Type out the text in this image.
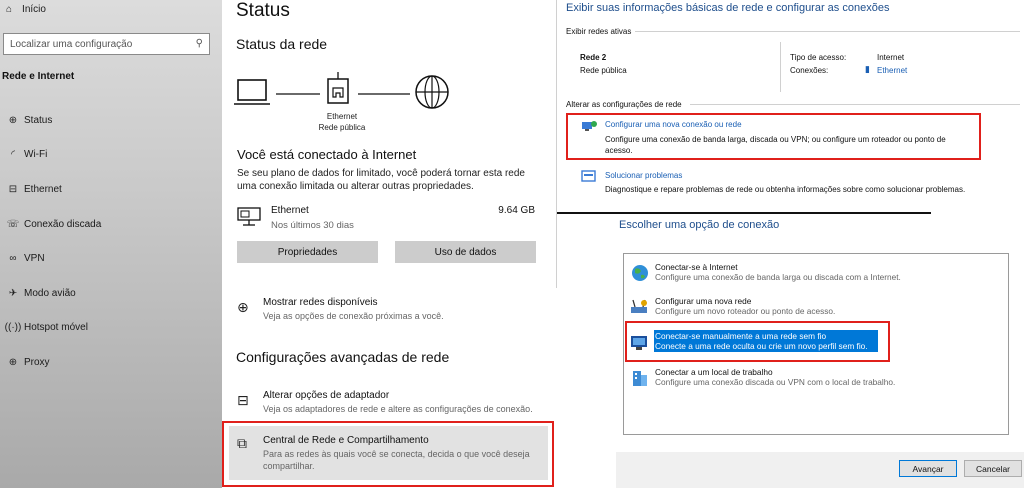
⌂ Início
Localizar uma configuração	⚲
Rede e Internet
⊕ Status
◜ Wi-Fi
⊟ Ethernet
☏ Conexão discada
∞ VPN
✈ Modo avião
((·)) Hotspot móvel
⊕ Proxy
Status
Status da rede
Ethernet
Rede pública
Você está conectado à Internet
Se seu plano de dados for limitado, você poderá tornar esta rede uma conexão limitada ou alterar outras propriedades.
Ethernet
Nos últimos 30 dias
9.64 GB
Propriedades	Uso de dados
⊕ Mostrar redes disponíveis
Veja as opções de conexão próximas a você.
Configurações avançadas de rede
⊟ Alterar opções de adaptador
Veja os adaptadores de rede e altere as configurações de conexão.
⧉ Central de Rede e Compartilhamento
Para as redes às quais você se conecta, decida o que você deseja compartilhar.
Exibir suas informações básicas de rede e configurar as conexões
Exibir redes ativas
Rede 2
Rede pública
Tipo de acesso:	Internet
Conexões:	▮ Ethernet
Alterar as configurações de rede
Configurar uma nova conexão ou rede
Configure uma conexão de banda larga, discada ou VPN; ou configure um roteador ou ponto de acesso.
Solucionar problemas
Diagnostique e repare problemas de rede ou obtenha informações sobre como solucionar problemas.
Escolher uma opção de conexão
Conectar-se à Internet
Configure uma conexão de banda larga ou discada com a Internet.
Configurar uma nova rede
Configure um novo roteador ou ponto de acesso.
Conectar-se manualmente a uma rede sem fio
Conecte a uma rede oculta ou crie um novo perfil sem fio.
Conectar a um local de trabalho
Configure uma conexão discada ou VPN com o local de trabalho.
Avançar	Cancelar
